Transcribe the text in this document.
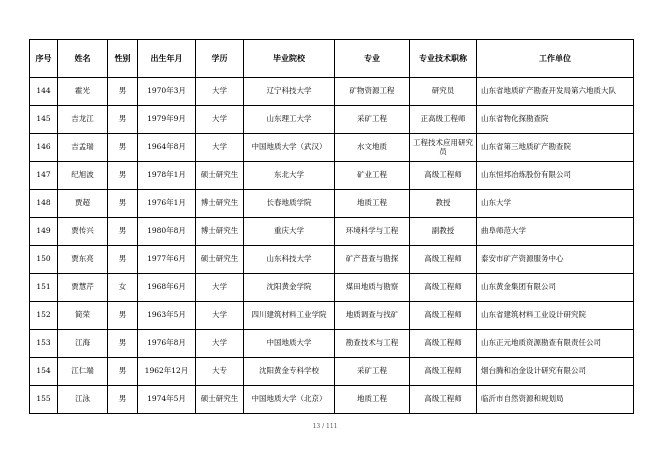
序号	姓名	性别	出生年月	学历	毕业院校	专业	专业技术职称	工作单位
144	霍光	男	1970年3月	大学	辽宁科技大学	矿物资源工程	研究员	山东省地质矿产勘查开发局第六地质大队
145	吉龙江	男	1979年9月	大学	山东理工大学	采矿工程	正高级工程师	山东省物化探勘查院
146	吉孟瑞	男	1964年8月	大学	中国地质大学（武汉）	水文地质	工程技术应用研究员	山东省第三地质矿产勘查院
147	纪旭波	男	1978年1月	硕士研究生	东北大学	矿业工程	高级工程师	山东恒邦冶炼股份有限公司
148	贾超	男	1976年1月	博士研究生	长春地质学院	地质工程	教授	山东大学
149	贾传兴	男	1980年8月	博士研究生	重庆大学	环境科学与工程	副教授	曲阜师范大学
150	贾东亮	男	1977年6月	硕士研究生	山东科技大学	矿产普查与勘探	高级工程师	泰安市矿产资源服务中心
151	贾慧芹	女	1968年6月	大学	沈阳黄金学院	煤田地质与勘察	高级工程师	山东黄金集团有限公司
152	简荣	男	1963年5月	大学	四川建筑材料工业学院	地质调查与找矿	高级工程师	山东省建筑材料工业设计研究院
153	江海	男	1976年8月	大学	中国地质大学	勘查技术与工程	高级工程师	山东正元地质资源勘查有限责任公司
154	江仁端	男	1962年12月	大专	沈阳黄金专科学校	采矿工程	高级工程师	烟台腾和冶金设计研究有限公司
155	江泳	男	1974年5月	硕士研究生	中国地质大学（北京）	地质工程	高级工程师	临沂市自然资源和规划局
13 / 111
